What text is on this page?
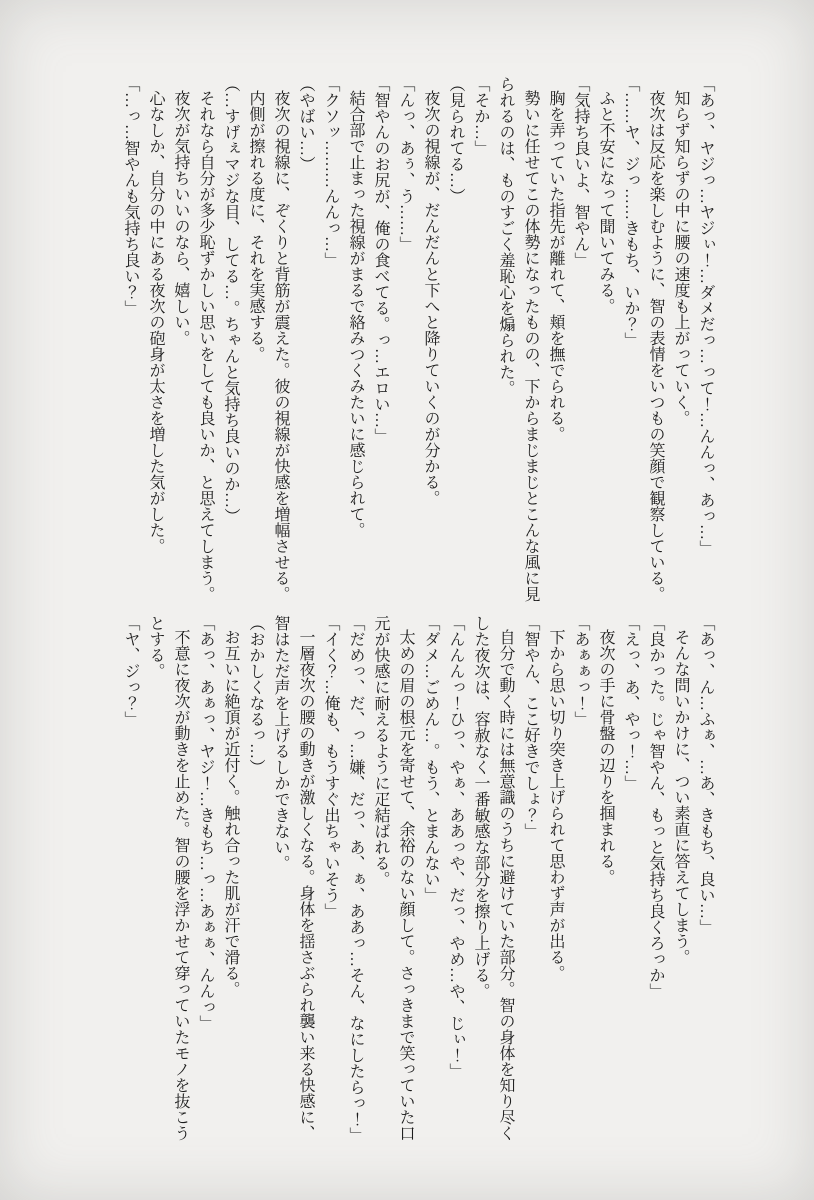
「あっ、ヤジっ…ヤジぃ！…ダメだっ…って！…んんっ、あっ…」
知らず知らずの中に腰の速度も上がっていく。
夜次は反応を楽しむように、智の表情をいつもの笑顔で観察している。
「……ヤ、ジっ……きもち、いか？」
ふと不安になって聞いてみる。
「気持ち良いよ、智やん」
胸を弄っていた指先が離れて、頬を撫でられる。
勢いに任せてこの体勢になったものの、下からまじまじとこんな風に見
られるのは、ものすごく羞恥心を煽られた。
「そか…」
（見られてる…）
夜次の視線が、だんだんと下へと降りていくのが分かる。
「んっ、あぅ、う……」
「智やんのお尻が、俺の食べてる。っ…エロい…」
結合部で止まった視線がまるで絡みつくみたいに感じられて。
「クソッ………んんっ…」
（やばい…）
夜次の視線に、ぞくりと背筋が震えた。彼の視線が快感を増幅させる。
内側が擦れる度に、それを実感する。
（…すげぇマジな目、してる…。ちゃんと気持ち良いのか…）
それなら自分が多少恥ずかしい思いをしても良いか、と思えてしまう。
夜次が気持ちいいのなら、嬉しい。
心なしか、自分の中にある夜次の砲身が太さを増した気がした。
「…っ…智やんも気持ち良い？」
「あっ、ん…ふぁ、…あ、きもち、良い…」
そんな問いかけに、つい素直に答えてしまう。
「良かった。じゃ智やん、もっと気持ち良くろっか」
「えっ、あ、やっ！…」
夜次の手に骨盤の辺りを掴まれる。
「あぁぁっ！」
下から思い切り突き上げられて思わず声が出る。
「智やん、ここ好きでしょ？」
自分で動く時には無意識のうちに避けていた部分。智の身体を知り尽く
した夜次は、容赦なく一番敏感な部分を擦り上げる。
「んんんっ！ひっ、やぁ、ああっや、だっ、やめ…や、じぃ！」
「ダメ…ごめん…。もう、とまんない」
太めの眉の根元を寄せて、余裕のない顔して。さっきまで笑っていた口
元が快感に耐えるように疋結ばれる。
「だめっ、だ、っ…嫌、だっ、あ、ぁ、ああっ…そん、なにしたらっ！」
「イく？…俺も、もうすぐ出ちゃいそう」
一層夜次の腰の動きが激しくなる。身体を揺さぶられ襲い来る快感に、
智はただ声を上げるしかできない。
（おかしくなるっ…）
お互いに絶頂が近付く。触れ合った肌が汗で滑る。
「あっ、あぁっ、ヤジ！…きもち…っ…あぁぁ、んんっ」
不意に夜次が動きを止めた。智の腰を浮かせて穿っていたモノを抜こう
とする。
「ヤ、ジっ？」
